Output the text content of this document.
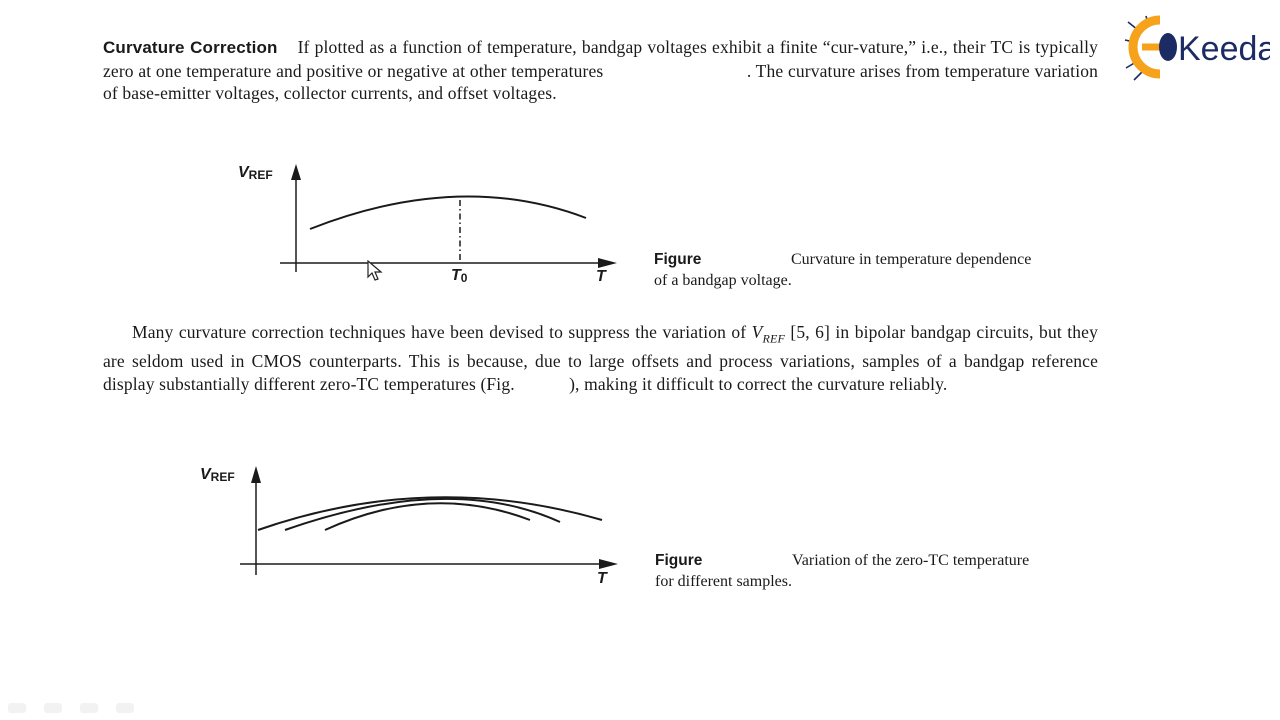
Keeda
Curvature Correction If plotted as a function of temperature, bandgap voltages exhibit a finite “cur-vature,” i.e., their TC is typically zero at one temperature and positive or negative at other temperatures	. The curvature arises from temperature variation of base-emitter voltages, collector currents, and offset voltages.
VREF
T0	T
Figure	Curvature in temperature dependence of a bandgap voltage.
Many curvature correction techniques have been devised to suppress the variation of $V_{REF}$ [5, 6] in bipolar bandgap circuits, but they are seldom used in CMOS counterparts. This is because, due to large offsets and process variations, samples of a bandgap reference display substantially different zero-TC temperatures (Fig.	), making it difficult to correct the curvature reliably.
VREF
T
Figure	Variation of the zero-TC temperature for different samples.
